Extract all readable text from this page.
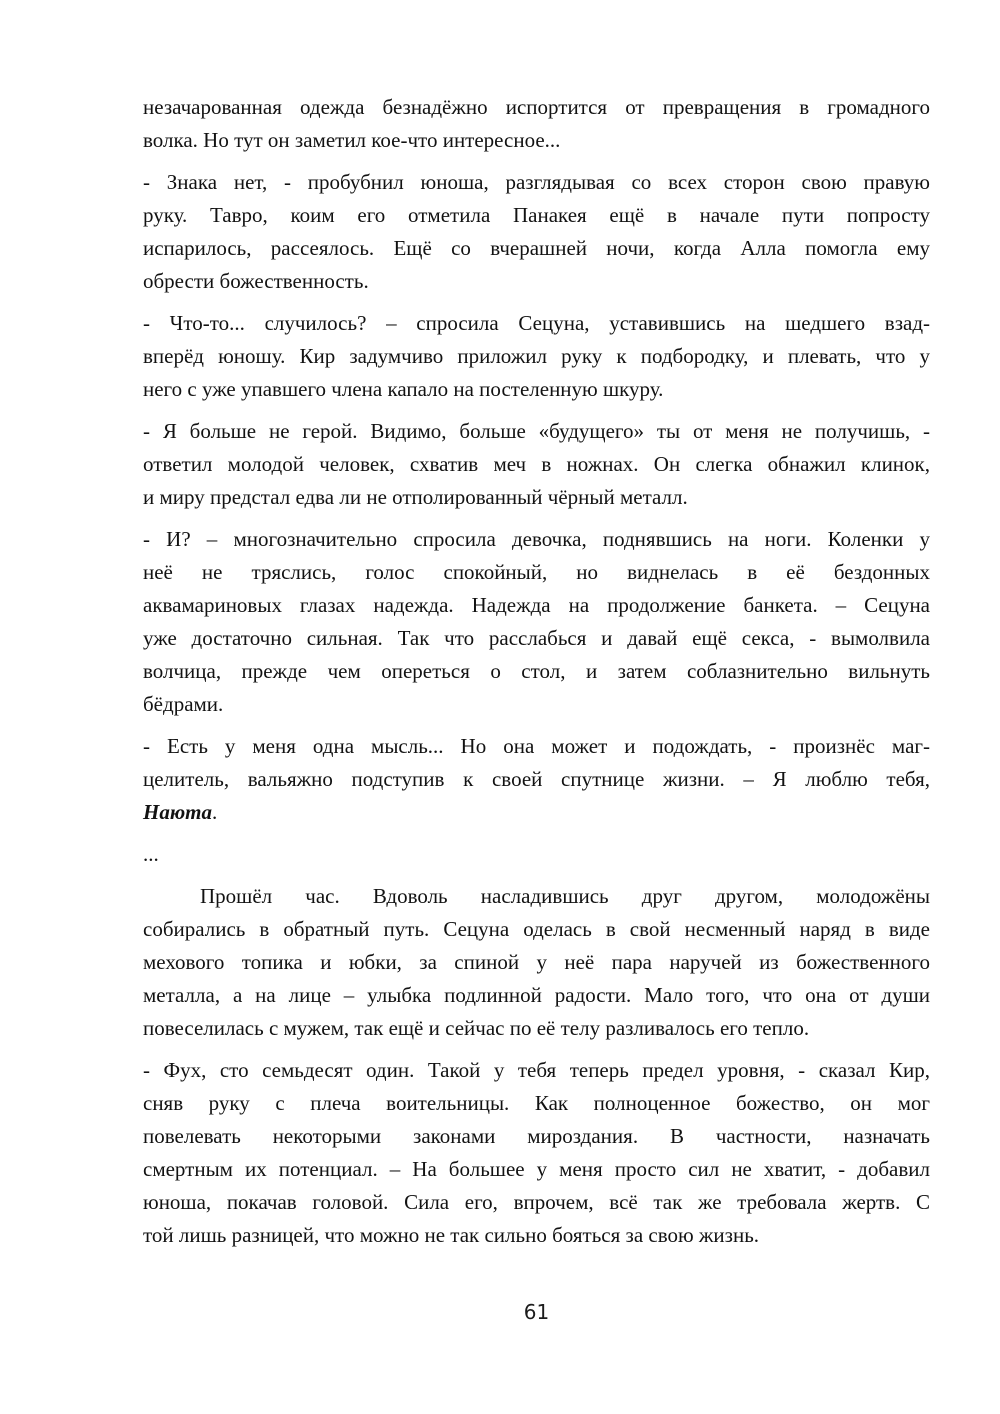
незачарованная одежда безнадёжно испортится от превращения в громадного
волка. Но тут он заметил кое-что интересное...
- Знака нет, - пробубнил юноша, разглядывая со всех сторон свою правую
руку. Тавро, коим его отметила Панакея ещё в начале пути попросту
испарилось, рассеялось. Ещё со вчерашней ночи, когда Алла помогла ему
обрести божественность.
- Что-то... случилось? – спросила Сецуна, уставившись на шедшего взад-
вперёд юношу. Кир задумчиво приложил руку к подбородку, и плевать, что у
него с уже упавшего члена капало на постеленную шкуру.
- Я больше не герой. Видимо, больше «будущего» ты от меня не получишь, -
ответил молодой человек, схватив меч в ножнах. Он слегка обнажил клинок,
и миру предстал едва ли не отполированный чёрный металл.
- И? – многозначительно спросила девочка, поднявшись на ноги. Коленки у
неё не тряслись, голос спокойный, но виднелась в её бездонных
аквамариновых глазах надежда. Надежда на продолжение банкета. – Сецуна
уже достаточно сильная. Так что расслабься и давай ещё секса, - вымолвила
волчица, прежде чем опереться о стол, и затем соблазнительно вильнуть
бёдрами.
- Есть у меня одна мысль... Но она может и подождать, - произнёс маг-
целитель, вальяжно подступив к своей спутнице жизни. – Я люблю тебя,
Наюта.
...
Прошёл час. Вдоволь насладившись друг другом, молодожёны
собирались в обратный путь. Сецуна оделась в свой несменный наряд в виде
мехового топика и юбки, за спиной у неё пара наручей из божественного
металла, а на лице – улыбка подлинной радости. Мало того, что она от души
повеселилась с мужем, так ещё и сейчас по её телу разливалось его тепло.
- Фух, сто семьдесят один. Такой у тебя теперь предел уровня, - сказал Кир,
сняв руку с плеча воительницы. Как полноценное божество, он мог
повелевать некоторыми законами мироздания. В частности, назначать
смертным их потенциал. – На большее у меня просто сил не хватит, - добавил
юноша, покачав головой. Сила его, впрочем, всё так же требовала жертв. С
той лишь разницей, что можно не так сильно бояться за свою жизнь.
61
